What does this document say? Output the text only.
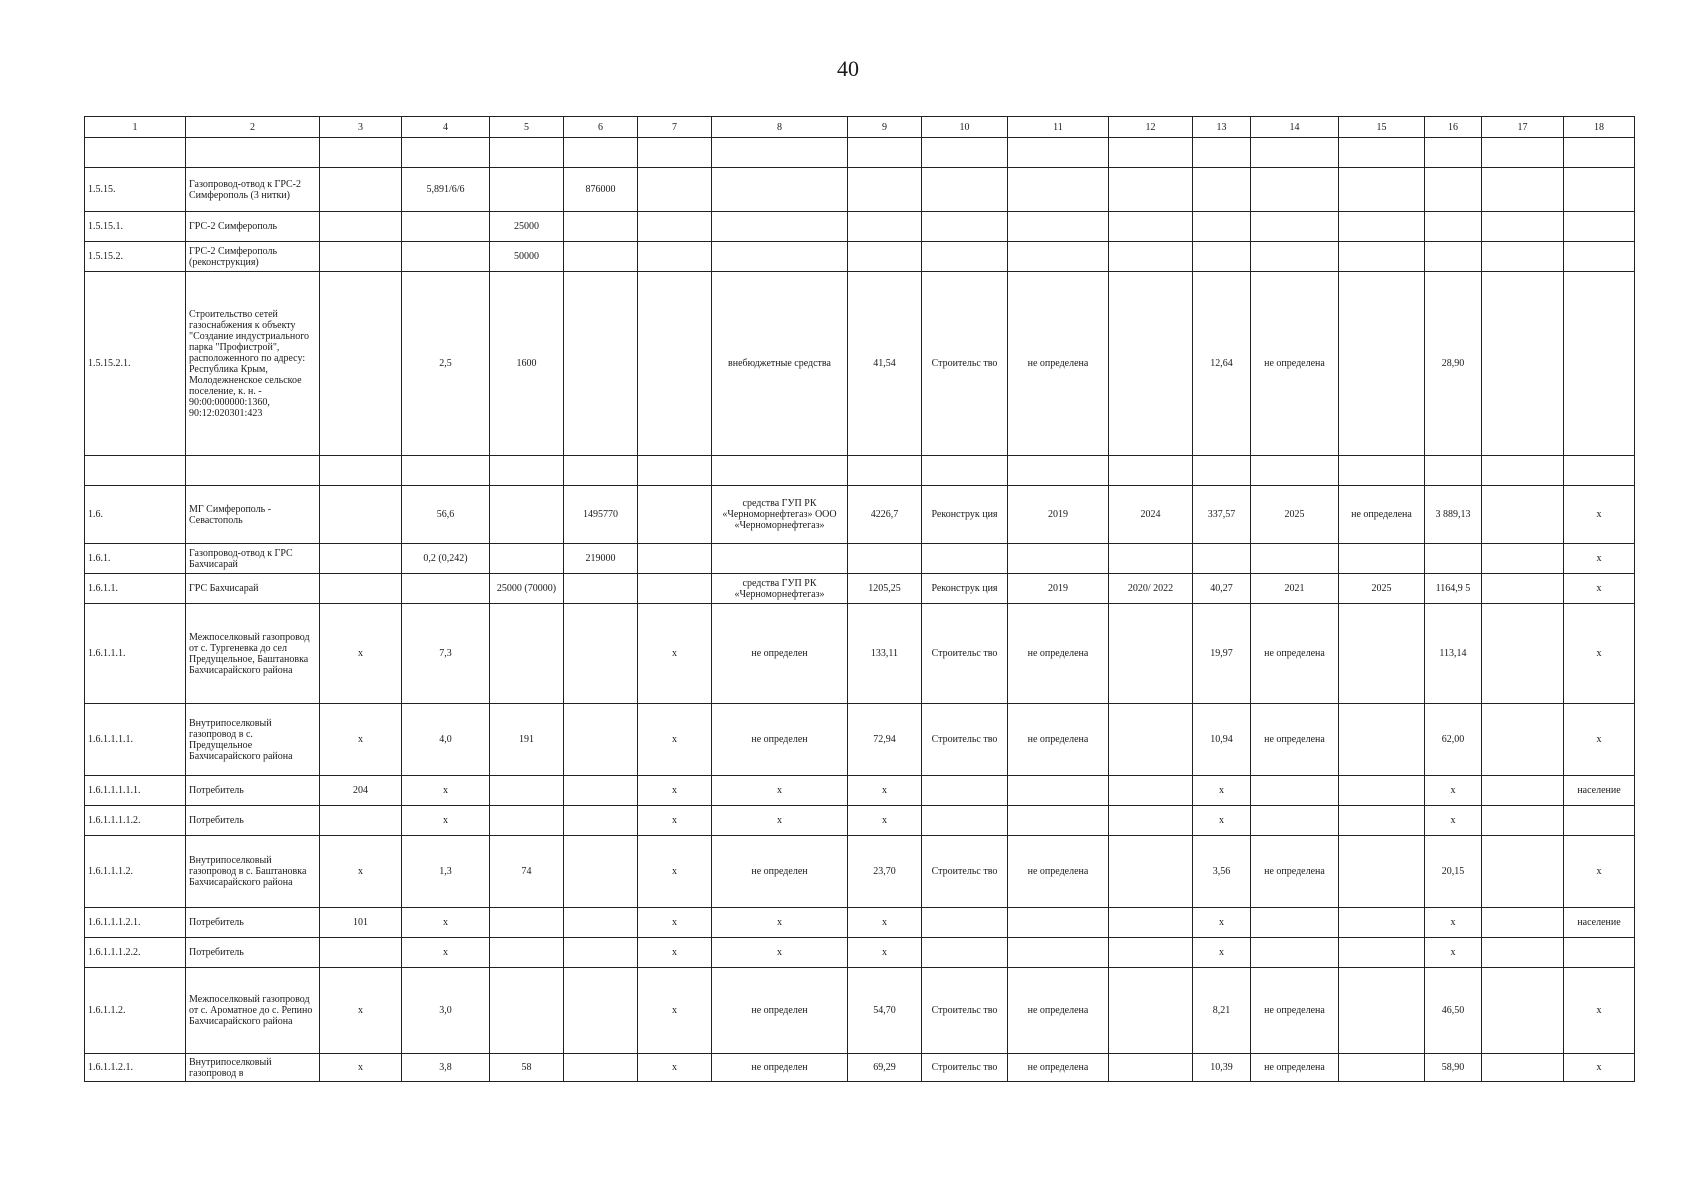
40
1	2	3	4	5	6	7	8	9	10	11	12	13	14	15	16	17	18

1.5.15.	Газопровод-отвод к ГРС-2 Симферополь (3 нитки)		5,891/6/6		876000												
1.5.15.1.	ГРС-2 Симферополь			25000													
1.5.15.2.	ГРС-2 Симферополь (реконструкция)			50000													
1.5.15.2.1.	Строительство сетей газоснабжения к объекту "Создание индустриального парка "Профистрой", расположенного по адресу: Республика Крым, Молодежненское сельское поселение, к. н. - 90:00:000000:1360, 90:12:020301:423		2,5	1600			внебюджетные средства	41,54	Строительс тво	не определена		12,64	не определена		28,90		

1.6.	МГ Симферополь - Севастополь		56,6		1495770		средства ГУП РК «Черноморнефтегаз» ООО «Черноморнефтегаз»	4226,7	Реконструк ция	2019	2024	337,57	2025	не определена	3 889,13		х
1.6.1.	Газопровод-отвод к ГРС Бахчисарай		0,2 (0,242)		219000												х
1.6.1.1.	ГРС Бахчисарай			25000 (70000)			средства ГУП РК «Черноморнефтегаз»	1205,25	Реконструк ция	2019	2020/ 2022	40,27	2021	2025	1164,9 5		х
1.6.1.1.1.	Межпоселковый газопровод от с. Тургеневка до сел Предущельное, Баштановка Бахчисарайского района	х	7,3			х	не определен	133,11	Строительс тво	не определена		19,97	не определена		113,14		х
1.6.1.1.1.1.	Внутрипоселковый газопровод в с. Предущельное Бахчисарайского района	х	4,0	191		х	не определен	72,94	Строительс тво	не определена		10,94	не определена		62,00		х
1.6.1.1.1.1.1.	Потребитель	204	х			х	х	х				х			х		население
1.6.1.1.1.1.2.	Потребитель		х			х	х	х				х			х		
1.6.1.1.1.2.	Внутрипоселковый газопровод в с. Баштановка Бахчисарайского района	х	1,3	74		х	не определен	23,70	Строительс тво	не определена		3,56	не определена		20,15		х
1.6.1.1.1.2.1.	Потребитель	101	х			х	х	х				х			х		население
1.6.1.1.1.2.2.	Потребитель		х			х	х	х				х			х		
1.6.1.1.2.	Межпоселковый газопровод от с. Ароматное до с. Репино Бахчисарайского района	х	3,0			х	не определен	54,70	Строительс тво	не определена		8,21	не определена		46,50		х
1.6.1.1.2.1.	Внутрипоселковый газопровод в	х	3,8	58		х	не определен	69,29	Строительс тво	не определена		10,39	не определена		58,90		х
